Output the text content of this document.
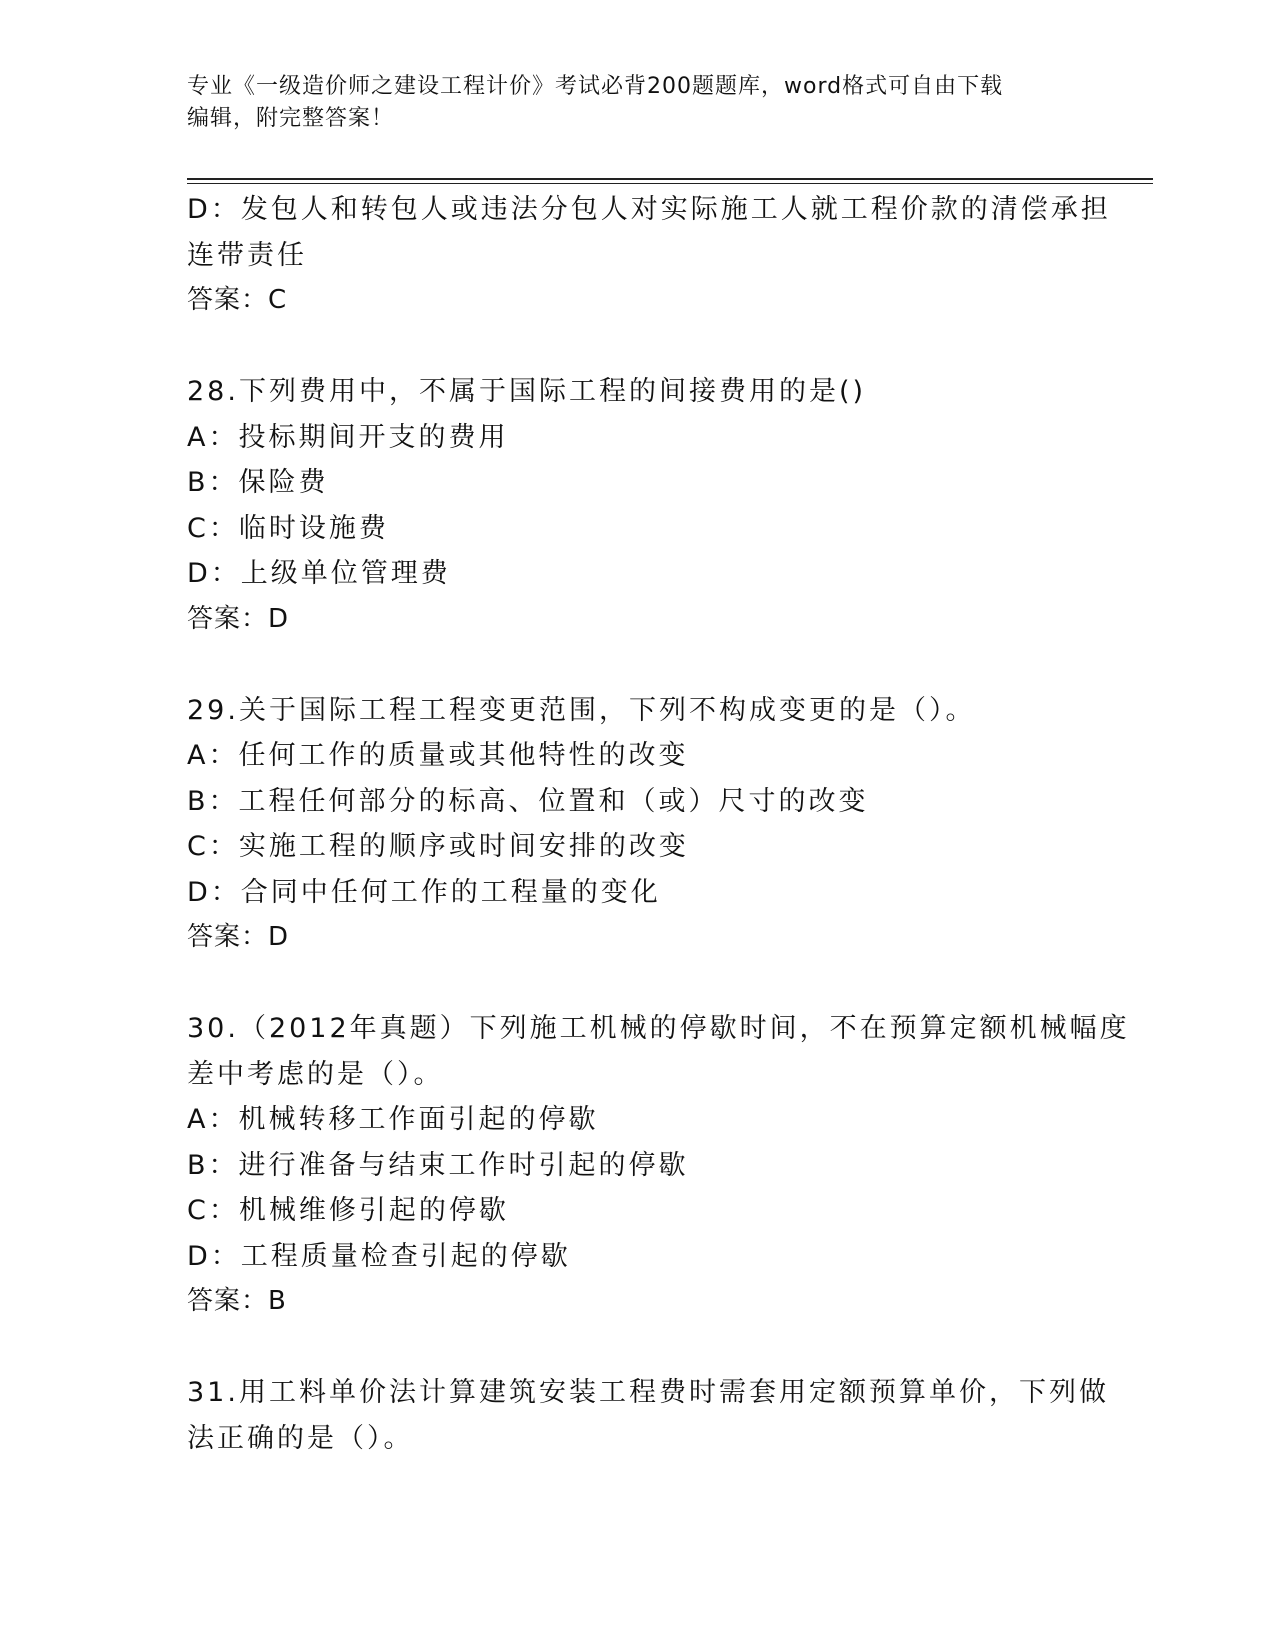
专业《一级造价师之建设工程计价》考试必背200题题库，word格式可自由下载
编辑，附完整答案！
D：发包人和转包人或违法分包人对实际施工人就工程价款的清偿承担
连带责任
答案：C
28.下列费用中，不属于国际工程的间接费用的是()
A：投标期间开支的费用
B：保险费
C：临时设施费
D：上级单位管理费
答案：D
29.关于国际工程工程变更范围，下列不构成变更的是（）。
A：任何工作的质量或其他特性的改变
B：工程任何部分的标高、位置和（或）尺寸的改变
C：实施工程的顺序或时间安排的改变
D：合同中任何工作的工程量的变化
答案：D
30.（2012年真题）下列施工机械的停歇时间，不在预算定额机械幅度
差中考虑的是（）。
A：机械转移工作面引起的停歇
B：进行准备与结束工作时引起的停歇
C：机械维修引起的停歇
D：工程质量检查引起的停歇
答案：B
31.用工料单价法计算建筑安装工程费时需套用定额预算单价，下列做
法正确的是（）。
